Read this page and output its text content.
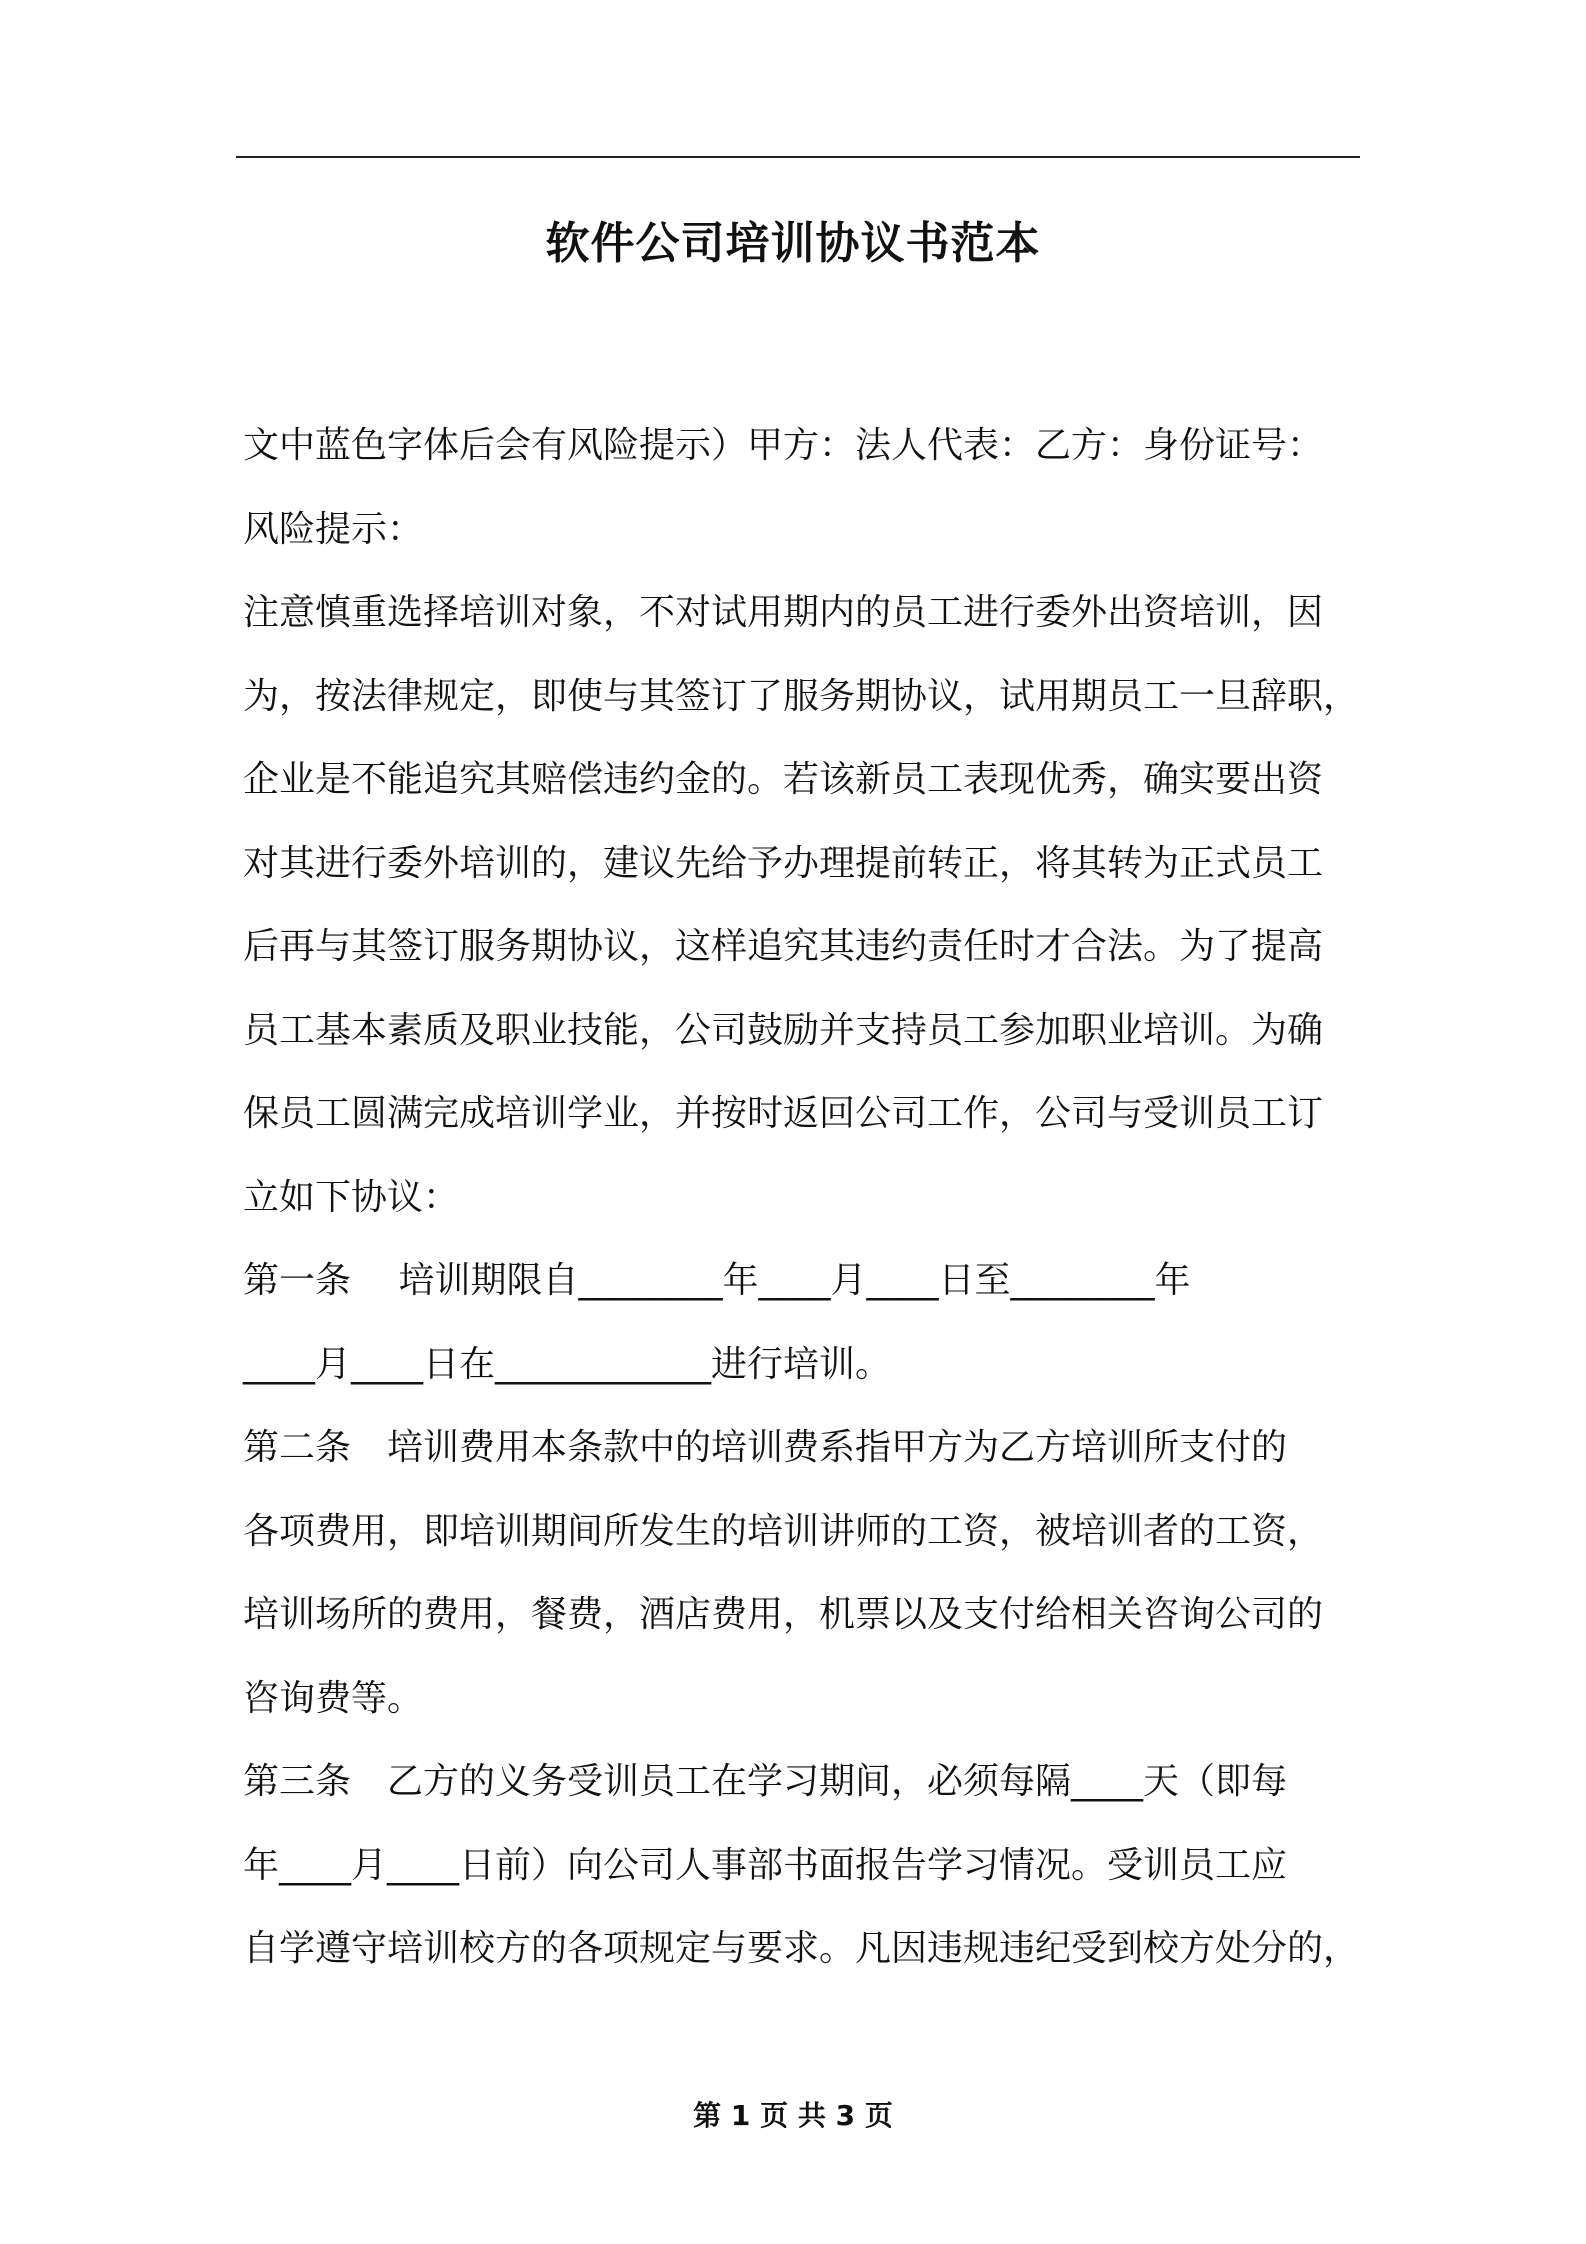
软件公司培训协议书范本
文中蓝色字体后会有风险提示）甲方：法人代表：乙方：身份证号：
风险提示：
注意慎重选择培训对象，不对试用期内的员工进行委外出资培训，因
为，按法律规定，即使与其签订了服务期协议，试用期员工一旦辞职，
企业是不能追究其赔偿违约金的。若该新员工表现优秀，确实要出资
对其进行委外培训的，建议先给予办理提前转正，将其转为正式员工
后再与其签订服务期协议，这样追究其违约责任时才合法。为了提高
员工基本素质及职业技能，公司鼓励并支持员工参加职业培训。为确
保员工圆满完成培训学业，并按时返回公司工作，公司与受训员工订
立如下协议：
第一条　 培训期限自________年____月____日至________年
____月____日在____________进行培训。
第二条　培训费用本条款中的培训费系指甲方为乙方培训所支付的
各项费用，即培训期间所发生的培训讲师的工资，被培训者的工资，
培训场所的费用，餐费，酒店费用，机票以及支付给相关咨询公司的
咨询费等。
第三条　乙方的义务受训员工在学习期间，必须每隔____天（即每
年____月____日前）向公司人事部书面报告学习情况。受训员工应
自学遵守培训校方的各项规定与要求。凡因违规违纪受到校方处分的，
第 1 页 共 3 页
